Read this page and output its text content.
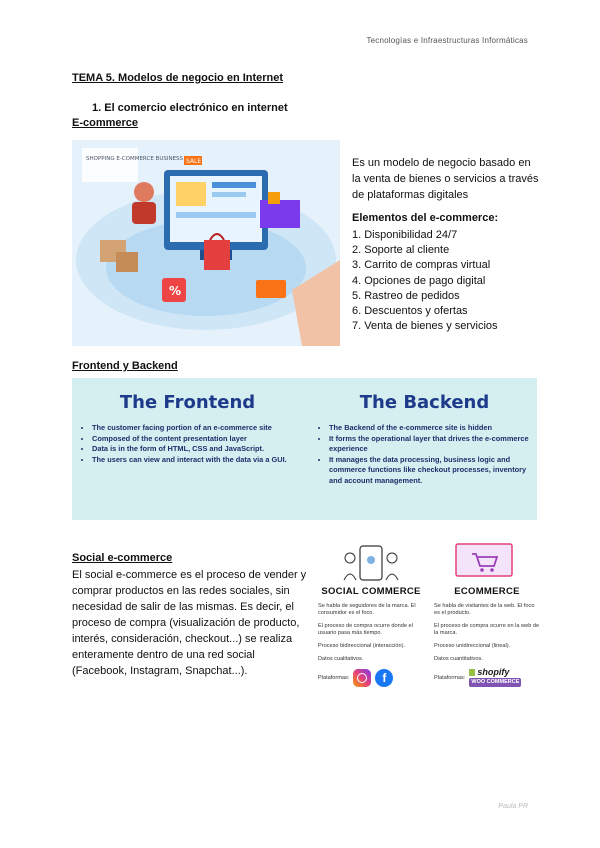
Tecnologías e Infraestructuras Informáticas
TEMA 5. Modelos de negocio en Internet
1. El comercio electrónico en internet
E-commerce
SHOPPING E-COMMERCE BUSINESS SALE
%
Es un modelo de negocio basado en la venta de bienes o servicios a través de plataformas digitales
Elementos del e-commerce:
1. Disponibilidad 24/7
2. Soporte al cliente
3. Carrito de compras virtual
4. Opciones de pago digital
5. Rastreo de pedidos
6. Descuentos y ofertas
7. Venta de bienes y servicios
Frontend y Backend
The Frontend
• The customer facing portion of an e-commerce site
• Composed of the content presentation layer
• Data is in the form of HTML, CSS and JavaScript.
• The users can view and interact with the data via a GUI.
The Backend
• The Backend of the e-commerce site is hidden
• It forms the operational layer that drives the e-commerce experience
• It manages the data processing, business logic and commerce functions like checkout processes, inventory and account management.
Social e-commerce
El social e-commerce es el proceso de vender y comprar productos en las redes sociales, sin necesidad de salir de las mismas. Es decir, el proceso de compra (visualización de producto, interés, consideración, checkout...) se realiza enteramente dentro de una red social (Facebook, Instagram, Snapchat...).
SOCIAL COMMERCE
Se habla de seguidores de la marca. El consumidor es el foco.
El proceso de compra ocurre donde el usuario pasa más tiempo.
Proceso bidireccional (interacción).
Datos cualitativos.
Plataformas:	f
ECOMMERCE
Se habla de visitantes de la web. El foco es el producto.
El proceso de compra ocurre en la web de la marca.
Proceso unidireccional (lineal).
Datos cuantitativos.
Plataformas:
shopify
WOO COMMERCE
Paula PR
